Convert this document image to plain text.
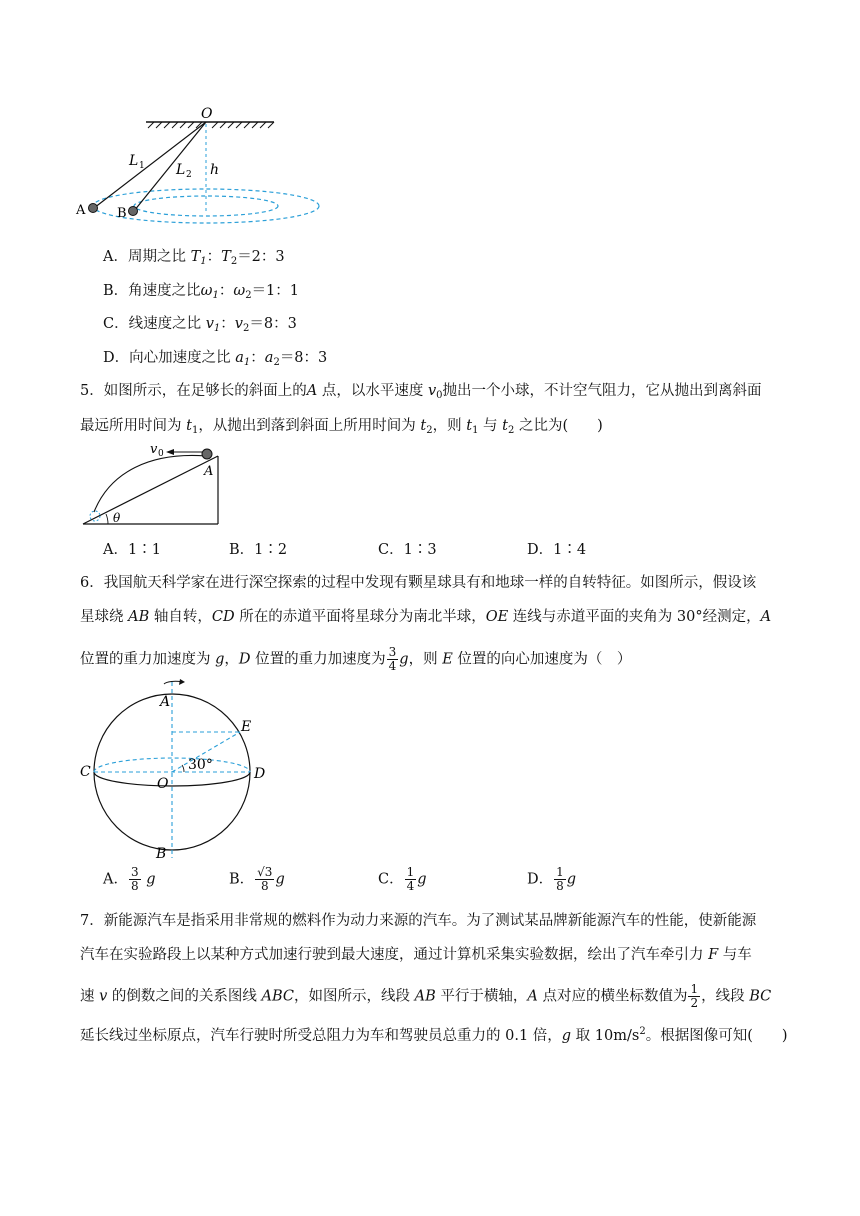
O
L 1 L 2 h
A B
A．周期之比 $T_1$：$T_2=2$：3
B．角速度之比$\omega_1$：$\omega_2=1$：1
C．线速度之比 $v_1$：$v_2=8$：3
D．向心加速度之比 $a_1$：$a_2=8$：3
5．如图所示，在足够长的斜面上的A 点，以水平速度 $v_0$抛出一个小球，不计空气阻力，它从抛出到离斜面
最远所用时间为 $t_1$，从抛出到落到斜面上所用时间为 $t_2$，则 $t_1$ 与 $t_2$ 之比为(　　)
v 0
A
θ
A．1∶1	B．1∶2	C．1∶3	D．1∶4
6．我国航天科学家在进行深空探索的过程中发现有颗星球具有和地球一样的自转特征。如图所示，假设该
星球绕 AB 轴自转，CD 所在的赤道平面将星球分为南北半球，OE 连线与赤道平面的夹角为 30°经测定，A
位置的重力加速度为 g，D 位置的重力加速度为 $\frac{3}{4}$ g，则 E 位置的向心加速度为（　）
A
B
C	D
E
O
30°
A． $\frac{3}{8}$ g	B． $\frac{√3}{8}$ g	C． $\frac{1}{4}$ g	D． $\frac{1}{8}$ g
7．新能源汽车是指采用非常规的燃料作为动力来源的汽车。为了测试某品牌新能源汽车的性能，使新能源
汽车在实验路段上以某种方式加速行驶到最大速度，通过计算机采集实验数据，绘出了汽车牵引力 F 与车
速 v 的倒数之间的关系图线 ABC，如图所示，线段 AB 平行于横轴，A 点对应的横坐标数值为 $\frac{1}{2}$ ，线段 BC
延长线过坐标原点，汽车行驶时所受总阻力为车和驾驶员总重力的 0.1 倍，g 取 $10m/s^2$。根据图像可知(　　)
